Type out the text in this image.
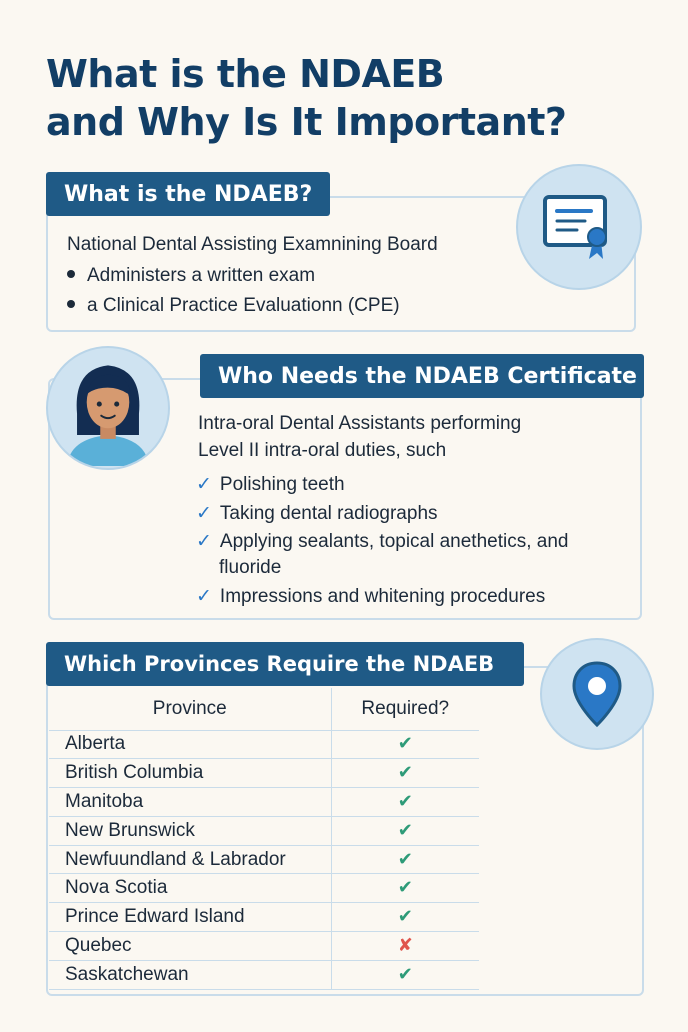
What is the NDAEB
and Why Is It Important?
What is the NDAEB?
National Dental Assisting Examnining Board
Administers a written exam
a Clinical Practice Evaluationn (CPE)
Who Needs the NDAEB Certificate
Intra-oral Dental Assistants performing
Level II intra-oral duties, such
✓ Polishing teeth
✓ Taking dental radiographs
✓ Applying sealants, topical anethetics, and
fluoride
✓ Impressions and whitening procedures
Which Provinces Require the NDAEB
Province	Required?
Alberta	✔
British Columbia	✔
Manitoba	✔
New Brunswick	✔
Newfuundland & Labrador	✔
Nova Scotia	✔
Prince Edward Island	✔
Quebec	✘
Saskatchewan	✔
